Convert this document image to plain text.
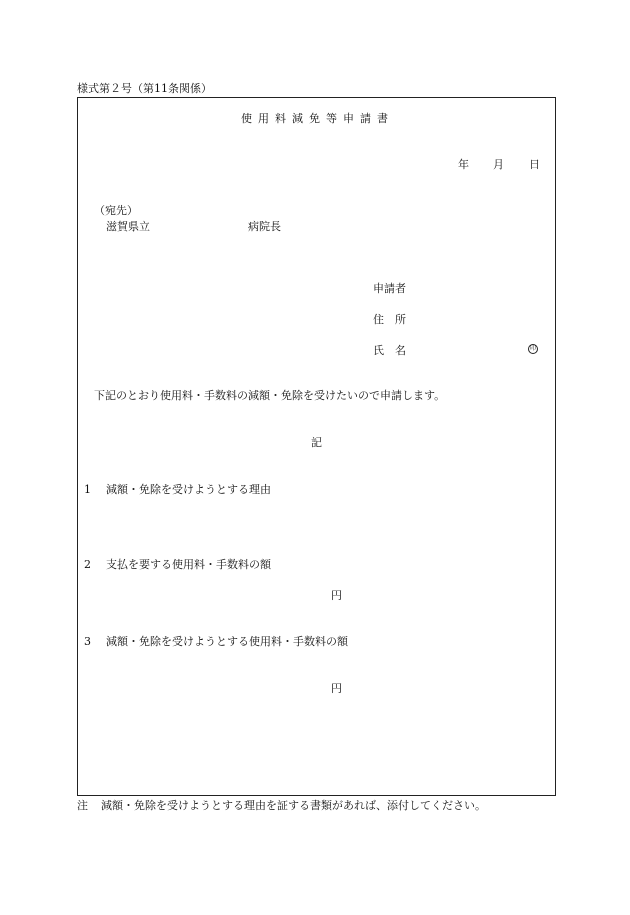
様式第２号（第11条関係）
使用料減免等申請書
年 月 日
（宛先）
滋賀県立	病院長
申請者
住　所
氏　名	印
下記のとおり使用料・手数料の減額・免除を受けたいので申請します。
記
1 減額・免除を受けようとする理由
2 支払を要する使用料・手数料の額
円
3 減額・免除を受けようとする使用料・手数料の額
円
注 減額・免除を受けようとする理由を証する書類があれば、添付してください。
